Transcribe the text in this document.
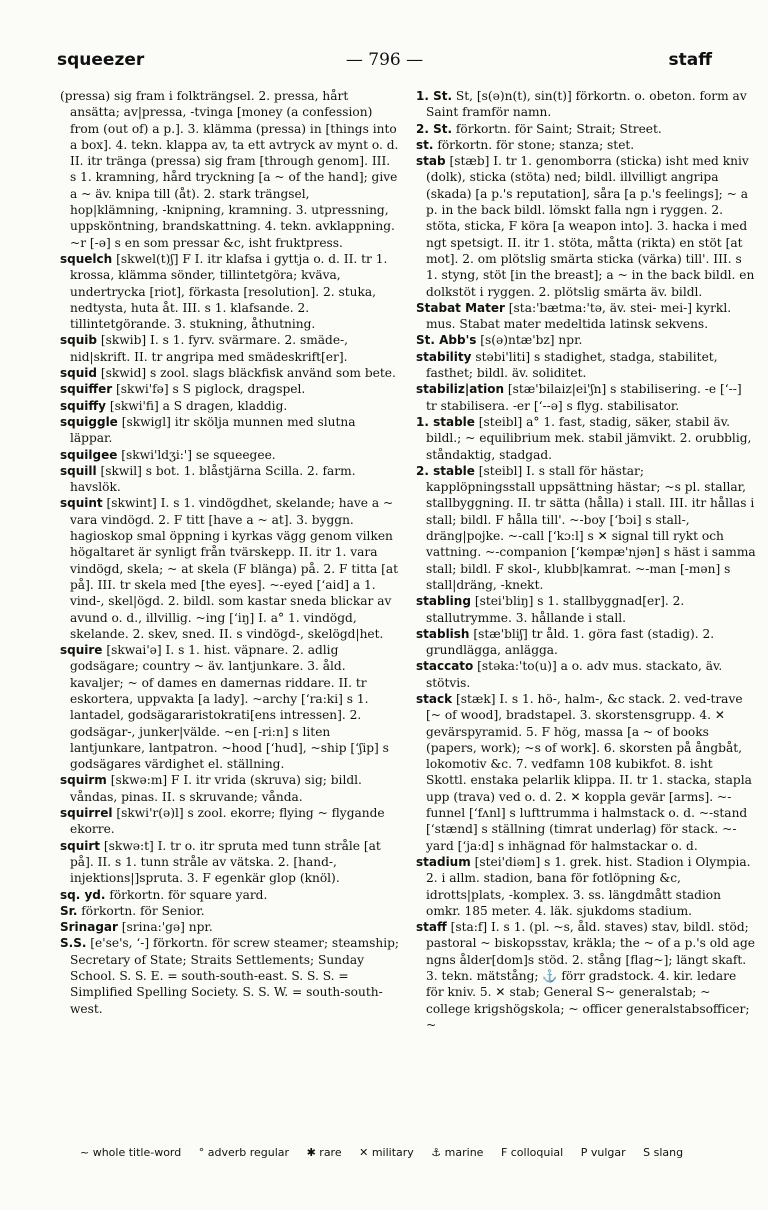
squeezer	— 796 —	staff

(pressa) sig fram i folkträngsel. 2. pressa, hårt ansätta; av|pressa, -tvinga [money (a confession) from (out of) a p.]. 3. klämma (pressa) in [things into a box]. 4. tekn. klappa av, ta ett avtryck av mynt o. d. II. itr tränga (pressa) sig fram [through genom]. III. s 1. kramning, hård tryckning [a ~ of the hand]; give a ~ äv. knipa till (åt). 2. stark trängsel, hop|klämning, -knipning, kramning. 3. utpressning, uppsköntning, brandskattning. 4. tekn. avklappning. ~r [-ə] s en som pressar &c, isht fruktpress.

squelch [skwel(t)ʃ] F I. itr klafsa i gyttja o. d. II. tr 1. krossa, klämma sönder, tillintetgöra; kväva, undertrycka [riot], förkasta [resolution]. 2. stuka, nedtysta, huta åt. III. s 1. klafsande. 2. tillintetgörande. 3. stukning, åthutning.

squib [skwib] I. s 1. fyrv. svärmare. 2. smäde-, nid|skrift. II. tr angripa med smädeskrift[er].

squid [skwid] s zool. slags bläckfisk använd som bete.

squiffer [skwi'fə] s S piglock, dragspel.

squiffy [skwi'fi] a S dragen, kladdig.

squiggle [skwigl] itr skölja munnen med slutna läppar.

squilgee [skwi'ldʒi:'] se squeegee.

squill [skwil] s bot. 1. blåstjärna Scilla. 2. farm. havslök.

squint [skwint] I. s 1. vindögdhet, skelande; have a ~ vara vindögd. 2. F titt [have a ~ at]. 3. byggn. hagioskop smal öppning i kyrkas vägg genom vilken högaltaret är synligt från tvärskepp. II. itr 1. vara vindögd, skela; ~ at skela (F blänga) på. 2. F titta [at på]. III. tr skela med [the eyes]. ~-eyed [ʻaid] a 1. vind-, skel|ögd. 2. bildl. som kastar sneda blickar av avund o. d., illvillig. ~ing [ʻiŋ] I. a° 1. vindögd, skelande. 2. skev, sned. II. s vindögd-, skelögd|het.

squire [skwai'ə] I. s 1. hist. väpnare. 2. adlig godsägare; country ~ äv. lantjunkare. 3. åld. kavaljer; ~ of dames en damernas riddare. II. tr eskortera, uppvakta [a lady]. ~archy [ʻra:ki] s 1. lantadel, godsägararistokrati[ens intressen]. 2. godsägar-, junker|välde. ~en [-ri:n] s liten lantjunkare, lantpatron. ~hood [ʻhud], ~ship [ʻʃip] s godsägares värdighet el. ställning.

squirm [skwə:m] F I. itr vrida (skruva) sig; bildl. våndas, pinas. II. s skruvande; vånda.

squirrel [skwi'r(ə)l] s zool. ekorre; flying ~ flygande ekorre.

squirt [skwə:t] I. tr o. itr spruta med tunn stråle [at på]. II. s 1. tunn stråle av vätska. 2. [hand-, injektions|]spruta. 3. F egenkär glop (knöl).

sq. yd. förkortn. för square yard.

Sr. förkortn. för Senior.

Srinagar [srina:'gə] npr.

S.S. [e'se's, ʻ-] förkortn. för screw steamer; steamship; Secretary of State; Straits Settlements; Sunday School. S. S. E. = south-south-east. S. S. S. = Simplified Spelling Society. S. S. W. = south-south-west.

1. St. St, [s(ə)n(t), sin(t)] förkortn. o. obeton. form av Saint framför namn.

2. St. förkortn. för Saint; Strait; Street.

st. förkortn. för stone; stanza; stet.

stab [stæb] I. tr 1. genomborra (sticka) isht med kniv (dolk), sticka (stöta) ned; bildl. illvilligt angripa (skada) [a p.'s reputation], såra [a p.'s feelings]; ~ a p. in the back bildl. lömskt falla ngn i ryggen. 2. stöta, sticka, F köra [a weapon into]. 3. hacka i med ngt spetsigt. II. itr 1. stöta, måtta (rikta) en stöt [at mot]. 2. om plötslig smärta sticka (värka) till'. III. s 1. styng, stöt [in the breast]; a ~ in the back bildl. en dolkstöt i ryggen. 2. plötslig smärta äv. bildl.

Stabat Mater [sta:'bætma:'tə, äv. stei- mei-] kyrkl. mus. Stabat mater medeltida latinsk sekvens.

St. Abb's [s(ə)ntæ'bz] npr.

stability stəbi'liti] s stadighet, stadga, stabilitet, fasthet; bildl. äv. soliditet.

stabiliz|ation [stæ'bilaiz|ei'ʃn] s stabilisering. -e [ʻ--] tr stabilisera. -er [ʻ--ə] s flyg. stabilisator.

1. stable [steibl] a° 1. fast, stadig, säker, stabil äv. bildl.; ~ equilibrium mek. stabil jämvikt. 2. orubblig, ståndaktig, stadgad.

2. stable [steibl] I. s stall för hästar; kapplöpningsstall uppsättning hästar; ~s pl. stallar, stallbyggning. II. tr sätta (hålla) i stall. III. itr hållas i stall; bildl. F hålla till'. ~-boy [ʻbɔi] s stall-, dräng|pojke. ~-call [ʻkɔ:l] s ✕ signal till rykt och vattning. ~-companion [ʻkəmpæ'njən] s häst i samma stall; bildl. F skol-, klubb|kamrat. ~-man [-mən] s stall|dräng, -knekt.

stabling [stei'bliŋ] s 1. stallbyggnad[er]. 2. stallutrymme. 3. hållande i stall.

stablish [stæ'bliʃ] tr åld. 1. göra fast (stadig). 2. grundlägga, anlägga.

staccato [stəka:'to(u)] a o. adv mus. stackato, äv. stötvis.

stack [stæk] I. s 1. hö-, halm-, &c stack. 2. ved-trave [~ of wood], bradstapel. 3. skorstensgrupp. 4. ✕ gevärspyramid. 5. F hög, massa [a ~ of books (papers, work); ~s of work]. 6. skorsten på ångbåt, lokomotiv &c. 7. vedfamn 108 kubikfot. 8. isht Skottl. enstaka pelarlik klippa. II. tr 1. stacka, stapla upp (trava) ved o. d. 2. ✕ koppla gevär [arms]. ~-funnel [ʻfʌnl] s lufttrumma i halmstack o. d. ~-stand [ʻstænd] s ställning (timrat underlag) för stack. ~-yard [ʻja:d] s inhägnad för halmstackar o. d.

stadium [stei'diəm] s 1. grek. hist. Stadion i Olympia. 2. i allm. stadion, bana för fotlöpning &c, idrotts|plats, -komplex. 3. ss. längdmått stadion omkr. 185 meter. 4. läk. sjukdoms stadium.

staff [sta:f] I. s 1. (pl. ~s, åld. staves) stav, bildl. stöd; pastoral ~ biskopsstav, kräkla; the ~ of a p.'s old age ngns ålder[dom]s stöd. 2. stång [flag~]; längt skaft. 3. tekn. mätstång; ⚓ förr gradstock. 4. kir. ledare för kniv. 5. ✕ stab; General S~ generalstab; ~ college krigshögskola; ~ officer generalstabsofficer; ~

~ whole title-word ° adverb regular ✱ rare ✕ military ⚓ marine F colloquial P vulgar S slang
